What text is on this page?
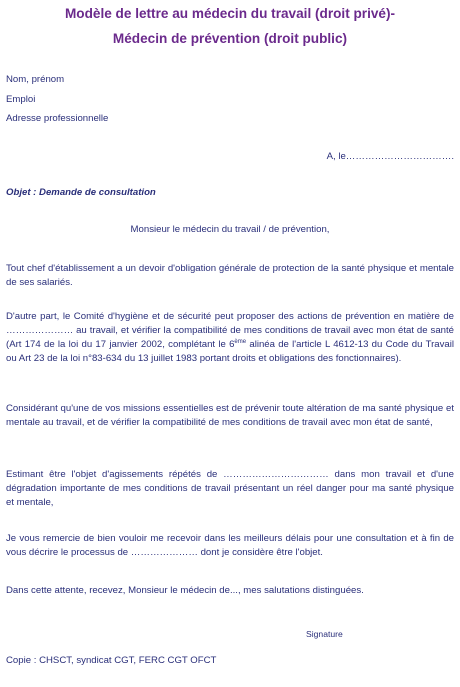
Modèle de lettre au médecin du travail (droit privé)-

Médecin de prévention (droit public)

Nom, prénom

Emploi

Adresse professionnelle

A, le…………………………….

Objet : Demande de consultation

Monsieur le médecin du travail / de prévention,

Tout chef d'établissement a un devoir d'obligation générale de protection de la santé physique et mentale de ses salariés.

D'autre part, le Comité d'hygiène et de sécurité peut proposer des actions de prévention en matière de ………………… au travail, et vérifier la compatibilité de mes conditions de travail avec mon état de santé (Art 174 de la loi du 17 janvier 2002, complétant le 6ème alinéa de l'article L 4612-13 du Code du Travail ou Art 23 de la loi n°83-634 du 13 juillet 1983 portant droits et obligations des fonctionnaires).

Considérant qu'une de vos missions essentielles est de prévenir toute altération de ma santé physique et mentale au travail, et de vérifier la compatibilité de mes conditions de travail avec mon état de santé,

Estimant être l'objet d'agissements répétés de …………………………… dans mon travail et d'une dégradation importante de mes conditions de travail présentant un réel danger pour ma santé physique et mentale,

Je vous remercie de bien vouloir me recevoir dans les meilleurs délais pour une consultation et à fin de vous décrire le processus de ………………… dont je considère être l'objet.

Dans cette attente, recevez, Monsieur le médecin de..., mes salutations distinguées.

Signature

Copie : CHSCT, syndicat CGT, FERC CGT OFCT
